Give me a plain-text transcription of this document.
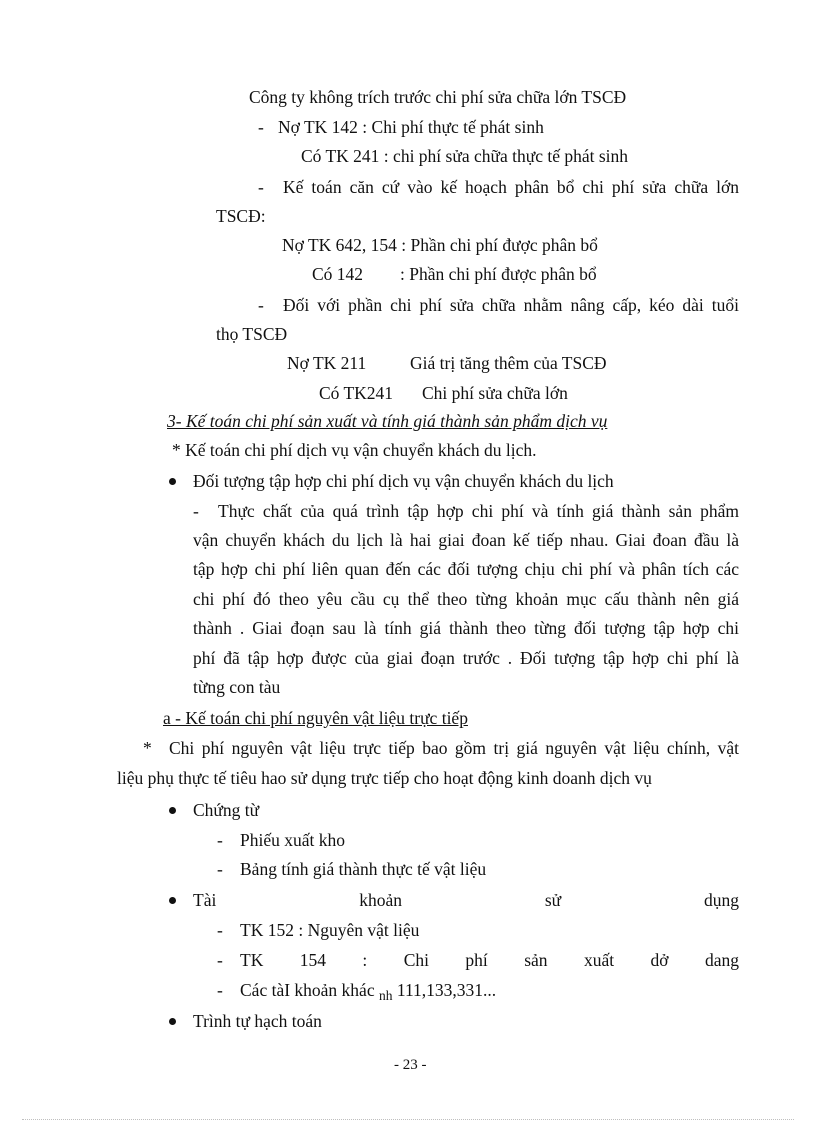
Công ty không trích trước chi phí sửa chữa lớn TSCĐ

- Nợ TK 142 : Chi phí thực tế phát sinh

Có TK 241 : chi phí sửa chữa thực tế phát sinh

- Kế toán căn cứ vào kế hoạch phân bổ chi phí sửa chữa lớn

TSCĐ:

Nợ TK 642, 154 : Phần chi phí được phân bổ

Có 142 : Phần chi phí được phân bổ

- Đối với phần chi phí sửa chữa nhằm nâng cấp, kéo dài tuổi

thọ TSCĐ

Nợ TK 211 Giá trị tăng thêm của TSCĐ

Có TK241 Chi phí sửa chữa lớn

3- Kế toán chi phí sản xuất và tính giá thành sản phẩm dịch vụ

* Kế toán chi phí dịch vụ vận chuyển khách du lịch.

Đối tượng tập hợp chi phí dịch vụ vận chuyển khách du lịch

- Thực chất của quá trình tập hợp chi phí và tính giá thành sản phẩm
vận chuyển khách du lịch là hai giai đoan kế tiếp nhau. Giai đoan đầu là
tập hợp chi phí liên quan đến các đối tượng chịu chi phí và phân tích các
chi phí đó theo yêu cầu cụ thể theo từng khoản mục cấu thành nên giá
thành . Giai đoạn sau là tính giá thành theo từng đối tượng tập hợp chi
phí đã tập hợp được của giai đoạn trước . Đối tượng tập hợp chi phí là

từng con tàu

a - Kế toán chi phí nguyên vật liệu trực tiếp

* Chi phí nguyên vật liệu trực tiếp bao gồm trị giá nguyên vật liệu chính, vật

liệu phụ thực tế tiêu hao sử dụng trực tiếp cho hoạt động kinh doanh dịch vụ

Chứng từ

- Phiếu xuất kho

- Bảng tính giá thành thực tế vật liệu

Tài khoản sử dụng
- TK 152 : Nguyên vật liệu

- TK 154 : Chi phí sản xuất dở dang
- Các tàI khoản khác $_{nh}$ 111,133,331...

Trình tự hạch toán

- 23 -
